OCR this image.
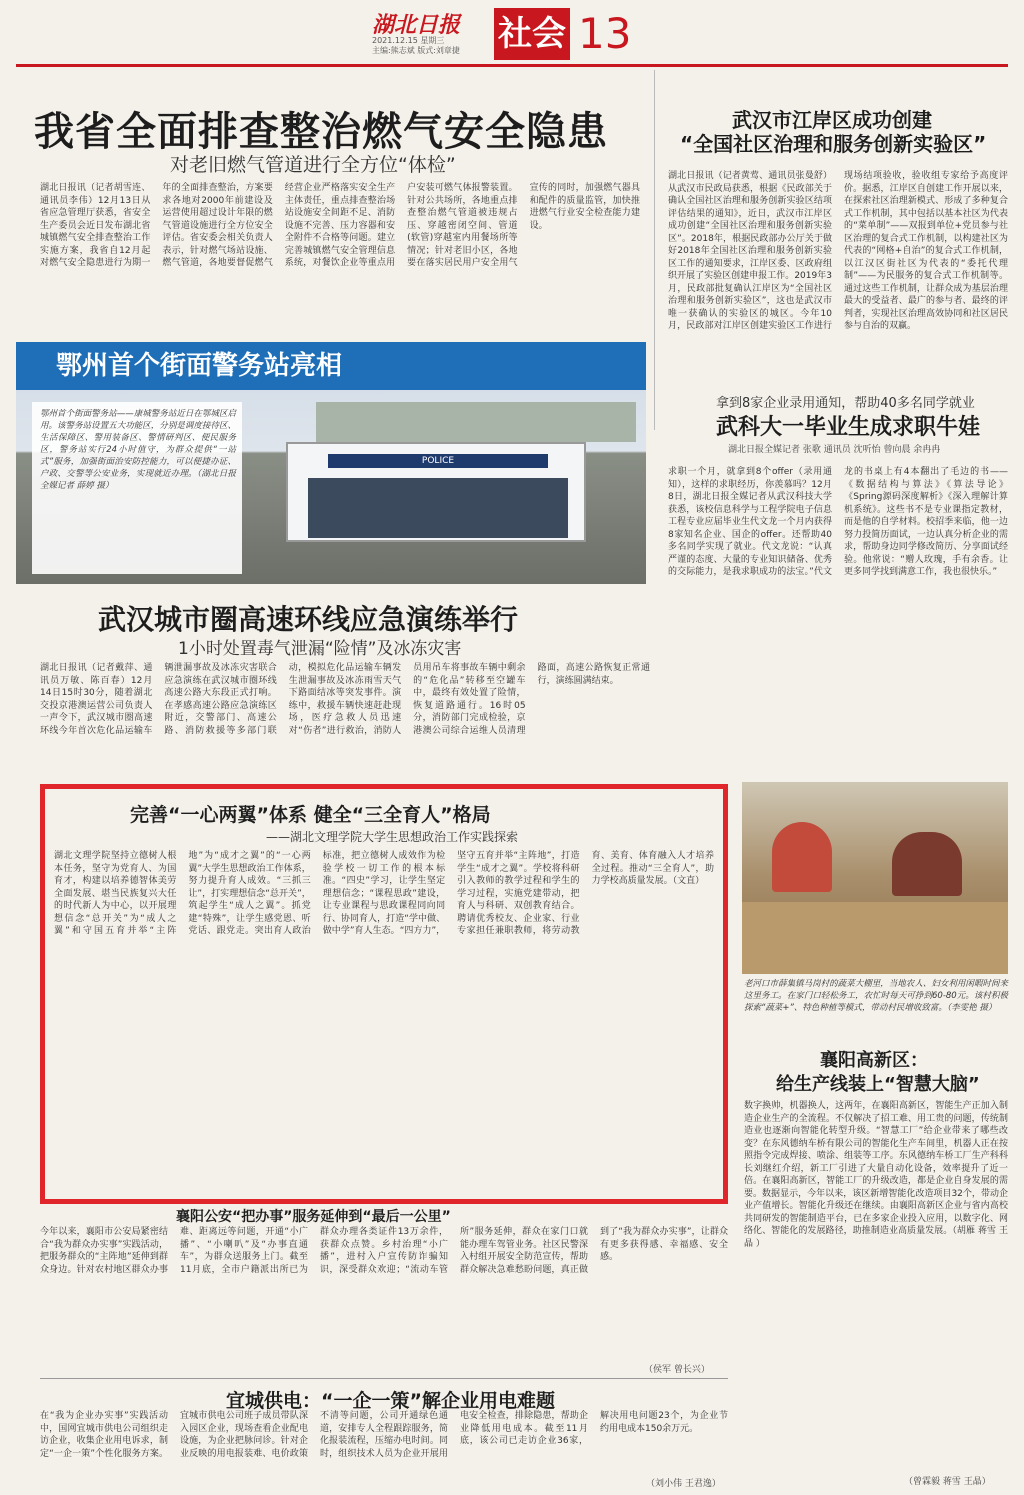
湖北日报
2021.12.15 星期三
主编:熊志斌 版式:刘章捷 社会 13
我省全面排查整治燃气安全隐患
对老旧燃气管道进行全方位“体检”
湖北日报讯（记者胡雪连、通讯员李伟）12月13日从省应急管理厅获悉，省安全生产委员会近日发布湖北省城镇燃气安全排查整治工作实施方案，我省自12月起对燃气安全隐患进行为期一年的全面排查整治，方案要求各地对2000年前建设及运营使用超过设计年限的燃气管道设施进行全方位安全评估。省安委会相关负责人表示，针对燃气场站设施、燃气管道，各地要督促燃气经营企业严格落实安全生产主体责任，重点排查整治场站设施安全间距不足、消防设施不完善、压力容器和安全附件不合格等问题。建立完善城镇燃气安全管理信息系统，对餐饮企业等重点用户安装可燃气体报警装置。针对公共场所，各地重点排查整治燃气管道被违规占压、穿越密闭空间、管道(软管)穿越室内用餐场所等情况；针对老旧小区，各地要在落实居民用户安全用气宣传的同时，加强燃气器具和配件的质量监管，加快推进燃气行业安全检查能力建设。
武汉市江岸区成功创建
“全国社区治理和服务创新实验区”
湖北日报讯（记者黄莺、通讯员张曼舒）从武汉市民政局获悉，根据《民政部关于确认全国社区治理和服务创新实验区结项评估结果的通知》，近日，武汉市江岸区成功创建“全国社区治理和服务创新实验区”。2018年，根据民政部办公厅关于做好2018年全国社区治理和服务创新实验区工作的通知要求，江岸区委、区政府组织开展了实验区创建申报工作。2019年3月，民政部批复确认江岸区为“全国社区治理和服务创新实验区”，这也是武汉市唯一获确认的实验区的城区。今年10月，民政部对江岸区创建实验区工作进行现场结项验收，验收组专家给予高度评价。据悉，江岸区自创建工作开展以来，在探索社区治理新模式、形成了多种复合式工作机制，其中包括以基本社区为代表的“菜单制”——双报到单位+党员参与社区治理的复合式工作机制，以构建社区为代表的“网格+自治”的复合式工作机制，以江汉区街社区为代表的“委托代理制”——为民服务的复合式工作机制等。通过这些工作机制，让群众成为基层治理最大的受益者、最广的参与者、最终的评判者，实现社区治理高效协同和社区居民参与自治的双赢。
鄂州首个街面警务站亮相
POLICE
鄂州首个街面警务站——康城警务站近日在鄂城区启用。该警务站设置五大功能区，分别是调度接待区、生活保障区、警用装备区、警情研判区、便民服务区，警务站实行24小时值守，为群众提供“一站式”服务，加强街面治安防控能力，可以便捷办证、户政、交警等公安业务，实现就近办理。（湖北日报全媒记者 薛婷 摄）
拿到8家企业录用通知，帮助40多名同学就业
武科大一毕业生成求职牛娃
湖北日报全媒记者 张歌 通讯员 沈听怡 曾向晨 余冉冉
求职一个月，就拿到8个offer（录用通知），这样的求职经历，你羡慕吗？12月8日，湖北日报全媒记者从武汉科技大学获悉，该校信息科学与工程学院电子信息工程专业应届毕业生代文龙一个月内获得8家知名企业、国企的offer。还帮助40多名同学实现了就业。代文龙说：“认真严谨的态度、大量的专业知识储备、优秀的交际能力，是我求职成功的法宝。”代文龙的书桌上有4本翻出了毛边的书——《数据结构与算法》《算法导论》《Spring源码深度解析》《深入理解计算机系统》。这些书不是专业课指定教材，而是他的自学材料。校招季来临，他一边努力投简历面试，一边认真分析企业的需求，帮助身边同学修改简历、分享面试经验。他常说：“赠人玫瑰，手有余香。让更多同学找到满意工作，我也很快乐。”
武汉城市圈高速环线应急演练举行
1小时处置毒气泄漏“险情”及冰冻灾害
湖北日报讯（记者戴萍、通讯员万敏、陈百春）12月14日15时30分，随着湖北交投京港澳运营公司负责人一声令下，武汉城市圈高速环线今年首次危化品运输车辆泄漏事故及冰冻灾害联合应急演练在武汉城市圈环线高速公路大东段正式打响。在孝感高速公路应急演练区附近，交警部门、高速公路、消防救援等多部门联动，模拟危化品运输车辆发生泄漏事故及冰冻雨雪天气下路面结冰等突发事件。演练中，救援车辆快速赶赴现场，医疗急救人员迅速对“伤者”进行救治，消防人员用吊车将事故车辆中剩余的“危化品”转移至空罐车中，最终有效处置了险情，恢复道路通行。16时05分，消防部门完成检验，京港澳公司综合运维人员清理路面，高速公路恢复正常通行，演练圆满结束。
完善“一心两翼”体系 健全“三全育人”格局
——湖北文理学院大学生思想政治工作实践探索
湖北文理学院坚持立德树人根本任务，坚守为党育人、为国育才，构建以培养德智体美劳全面发展、堪当民族复兴大任的时代新人为中心，以开展理想信念“总开关”为“成人之翼”和守国五育并举“主阵地”为“成才之翼”的“一心两翼”大学生思想政治工作体系，努力提升育人成效。“三抓三让”，打实理想信念“总开关”，筑起学生“成人之翼”。抓党建“特殊”，让学生感党恩、听党话、跟党走。突出育人政治标准，把立德树人成效作为检验学校一切工作的根本标准。“四史”学习，让学生坚定理想信念；“课程思政”建设，让专业课程与思政课程同向同行、协同育人，打造“学中做、做中学”育人生态。“四方力”，坚守五育并举“主阵地”，打造学生“成才之翼”。学校将科研引入教师的教学过程和学生的学习过程，实施党建带动，把育人与科研、双创教育结合。聘请优秀校友、企业家、行业专家担任兼职教师，将劳动教育、美育、体育融入人才培养全过程。推动“三全育人”，助力学校高质量发展。（文直）
老河口市薛集镇马岗村的蔬菜大棚里，当地农人、妇女利用闲暇时间来这里务工。在家门口轻松务工，农忙时每天可挣到60-80元。该村积极探索“蔬菜+”、特色种植等模式，带动村民增收致富。（李雯艳 摄）
襄阳高新区：
给生产线装上“智慧大脑”
数字换帅，机器换人，这两年，在襄阳高新区，智能生产正加入制造企业生产的全流程。不仅解决了招工难、用工贵的问题，传统制造业也逐渐向智能化转型升级。“智慧工厂”给企业带来了哪些改变？在东风德纳车桥有限公司的智能化生产车间里，机器人正在按照指令完成焊接、喷涂、组装等工序。东风德纳车桥工厂生产科科长刘继红介绍，新工厂引进了大量自动化设备，效率提升了近一倍。在襄阳高新区，智能工厂的升级改造，都是企业自身发展的需要。数据显示，今年以来，该区新增智能化改造项目32个，带动企业产值增长。智能化升级还在继续。由襄阳高新区企业与省内高校共同研发的智能制造平台，已在多家企业投入应用，以数字化、网络化、智能化的发展路径，助推制造业高质量发展。（胡雁 蒋雪 王晶 ）
（曾霖毅 蒋雪 王晶）
襄阳公安“把办事”服务延伸到“最后一公里”
今年以来，襄阳市公安局紧密结合“我为群众办实事”实践活动，把服务群众的“主阵地”延伸到群众身边。针对农村地区群众办事难、距离远等问题，开通“小广播”、“小喇叭”及“办事直通车”，为群众送服务上门。截至11月底，全市户籍派出所已为群众办理各类证件13万余件，获群众点赞。乡村治理“小广播”，进村入户宣传防诈骗知识，深受群众欢迎；“流动车管所”服务延伸，群众在家门口就能办理车驾管业务。社区民警深入村组开展安全防范宣传，帮助群众解决急难愁盼问题，真正做到了“我为群众办实事”，让群众有更多获得感、幸福感、安全感。
（侯军 曾长兴）
宜城供电：“一企一策”解企业用电难题
在“我为企业办实事”实践活动中，国网宜城市供电公司组织走访企业，收集企业用电诉求，制定“一企一策”个性化服务方案。宜城市供电公司班子成员带队深入园区企业，现场查看企业配电设施，为企业把脉问诊。针对企业反映的用电报装难、电价政策不清等问题，公司开通绿色通道，安排专人全程跟踪服务，简化报装流程，压缩办电时间。同时，组织技术人员为企业开展用电安全检查，排除隐患，帮助企业降低用电成本。截至11月底，该公司已走访企业36家，解决用电问题23个，为企业节约用电成本150余万元。
（刘小伟 王君逸）
